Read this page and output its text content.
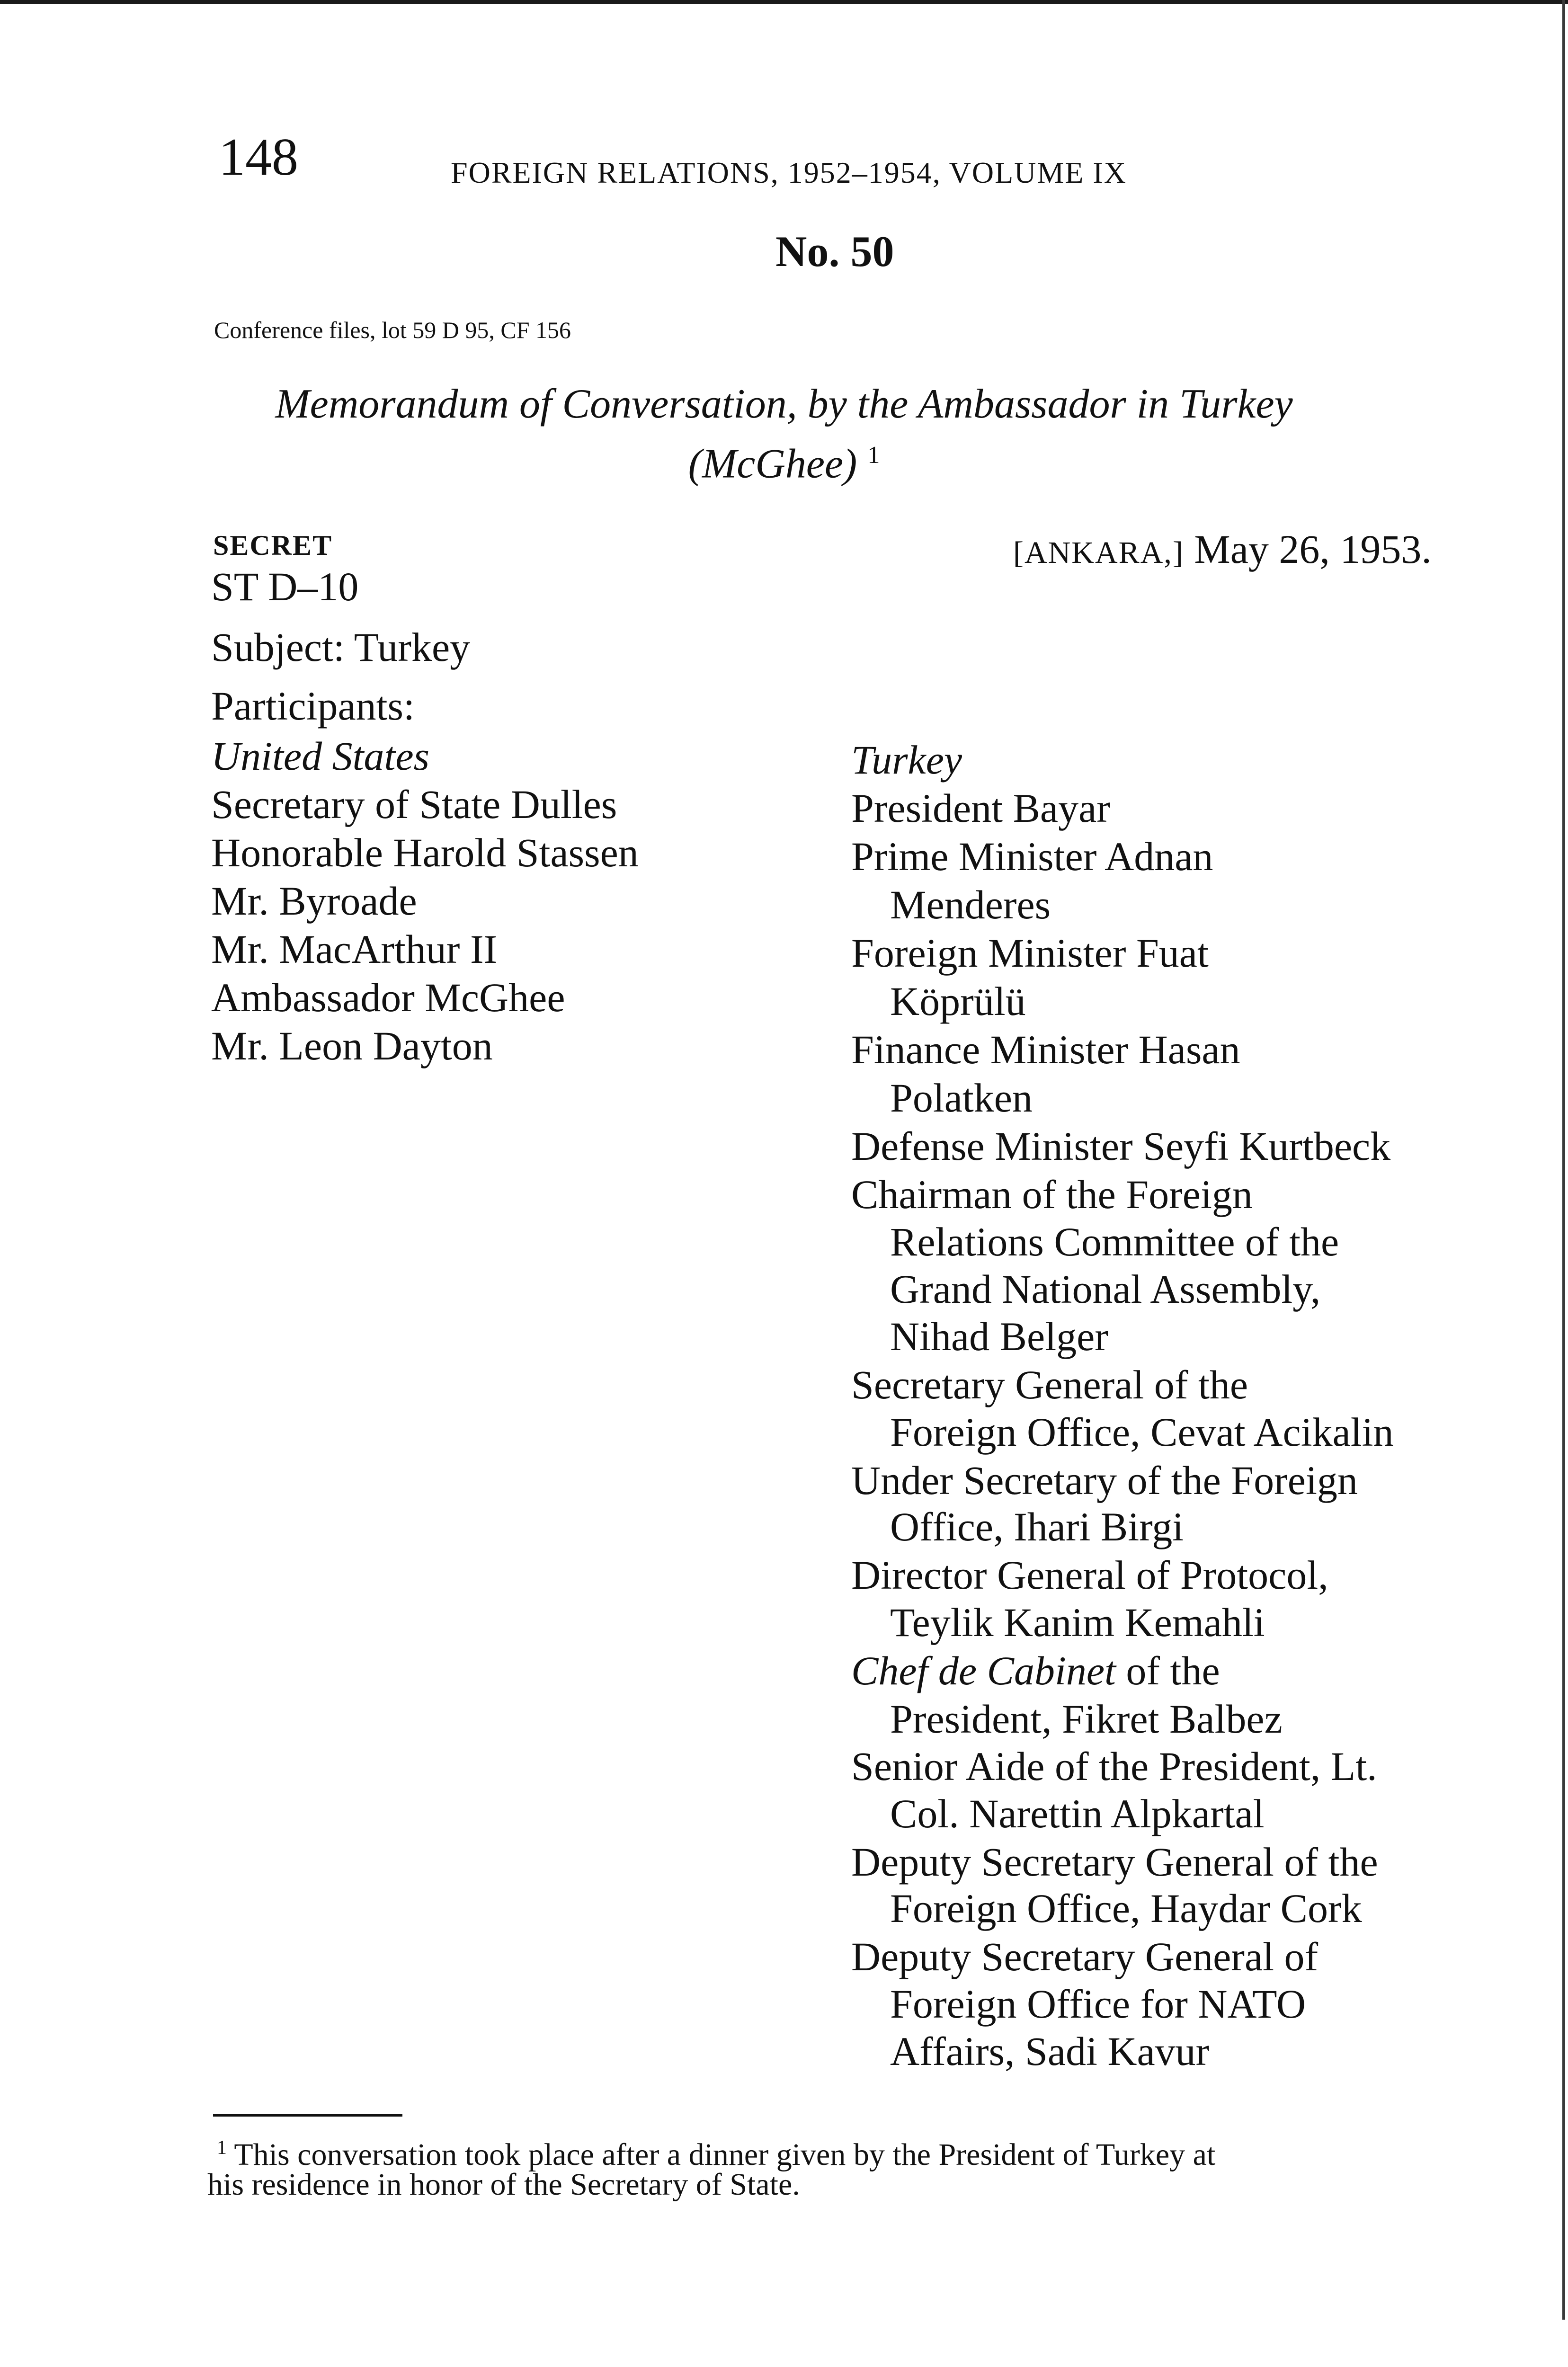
148	FOREIGN RELATIONS, 1952–1954, VOLUME IX
No. 50
Conference files, lot 59 D 95, CF 156
Memorandum of Conversation, by the Ambassador in Turkey
(McGhee) $^1$
SECRET	[ANKARA,] May 26, 1953.
ST D–10
Subject: Turkey
Participants:
United States
Secretary of State Dulles
Honorable Harold Stassen
Mr. Byroade
Mr. MacArthur II
Ambassador McGhee
Mr. Leon Dayton
Turkey
President Bayar
Prime Minister Adnan
Menderes
Foreign Minister Fuat
Köprülü
Finance Minister Hasan
Polatken
Defense Minister Seyfi Kurtbeck
Chairman of the Foreign
Relations Committee of the
Grand National Assembly,
Nihad Belger
Secretary General of the
Foreign Office, Cevat Acikalin
Under Secretary of the Foreign
Office, Ihari Birgi
Director General of Protocol,
Teylik Kanim Kemahli
Chef de Cabinet of the
President, Fikret Balbez
Senior Aide of the President, Lt.
Col. Narettin Alpkartal
Deputy Secretary General of the
Foreign Office, Haydar Cork
Deputy Secretary General of
Foreign Office for NATO
Affairs, Sadi Kavur
$^1$ This conversation took place after a dinner given by the President of Turkey at
his residence in honor of the Secretary of State.
